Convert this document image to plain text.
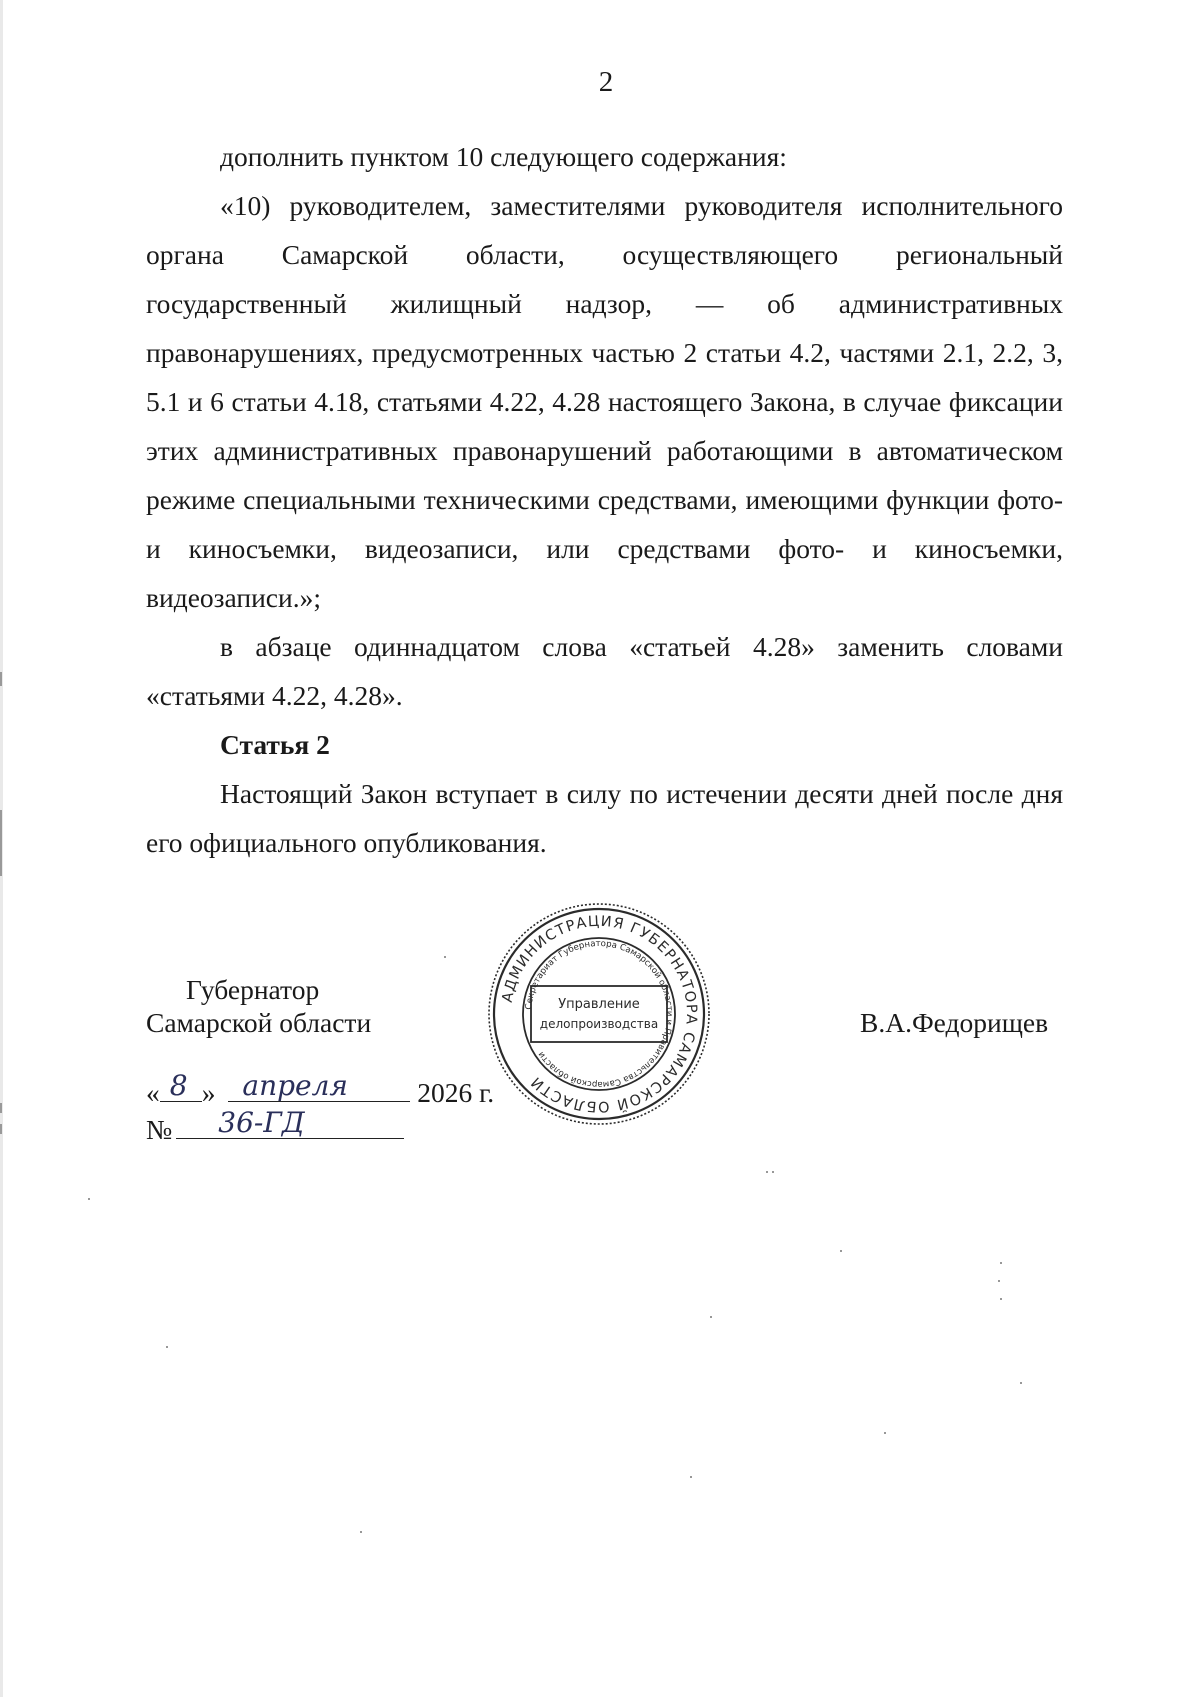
2

дополнить пунктом 10 следующего содержания:

«10) руководителем, заместителями руководителя исполнительного органа Самарской области, осуществляющего региональный государственный жилищный надзор, — об административных правонарушениях, предусмотренных частью 2 статьи 4.2, частями 2.1, 2.2, 3, 5.1 и 6 статьи 4.18, статьями 4.22, 4.28 настоящего Закона, в случае фиксации этих административных правонарушений работающими в автоматическом режиме специальными техническими средствами, имеющими функции фото- и киносъемки, видеозаписи, или средствами фото- и киносъемки, видеозаписи.»;

в абзаце одиннадцатом слова «статьей 4.28» заменить словами «статьями 4.22, 4.28».

Статья 2

Настоящий Закон вступает в силу по истечении десяти дней после дня его официального опубликования.

Губернатор
Самарской области	В.А.Федорищев
« 8 » апреля	2026 г.
№ 36-ГД
АДМИНИСТРАЦИЯ ГУБЕРНАТОРА САМАРСКОЙ ОБЛАСТИ
Секретариат Губернатора Самарской области и Правительства Самарской области
Управление
делопроизводства
